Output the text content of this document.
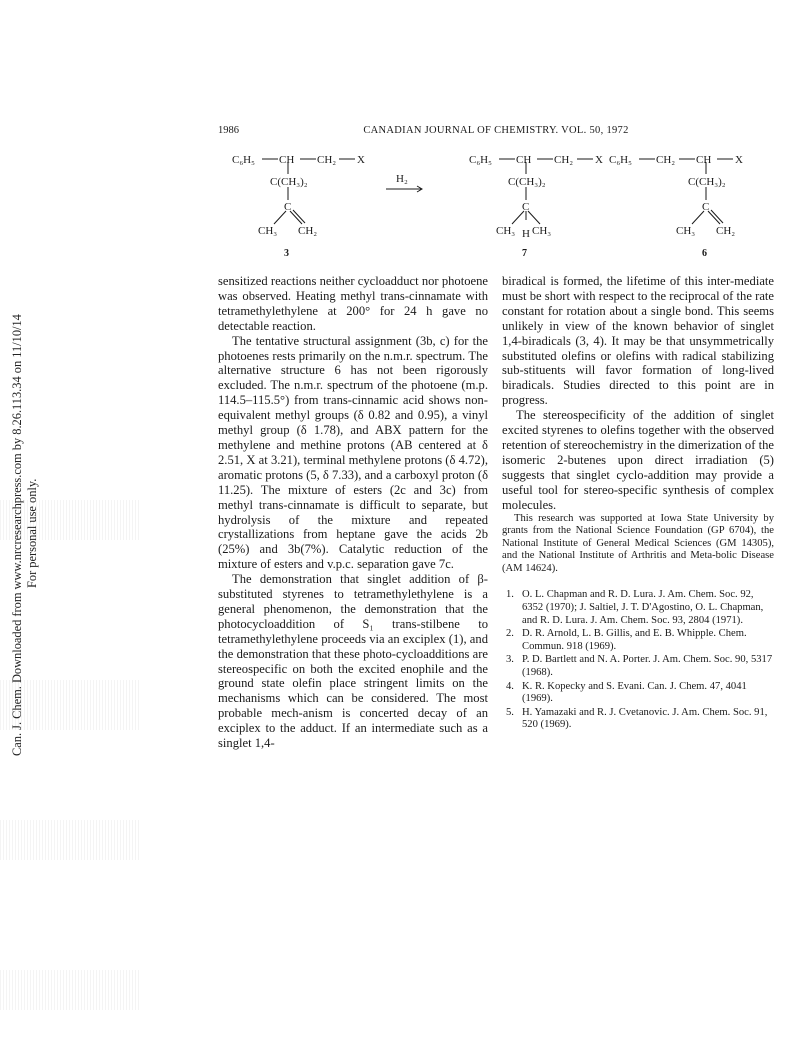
Can. J. Chem. Downloaded from www.nrcresearchpress.com by 8.26.113.34 on 11/10/14 For personal use only.
1986	CANADIAN JOURNAL OF CHEMISTRY. VOL. 50, 1972
C₆H₅ CH CH₂ X
C(CH₃)₂
C
CH₃ CH₂
3
H₂
C₆H₅ CH CH₂ X
C(CH₃)₂
C
CH₃ H CH₃
7
C₆H₅ CH₂ CH X
C(CH₃)₂
C
CH₃ CH₂
6

sensitized reactions neither cycloadduct nor photoene was observed. Heating methyl trans-cinnamate with tetramethylethylene at 200° for 24 h gave no detectable reaction.

The tentative structural assignment (3b, c) for the photoenes rests primarily on the n.m.r. spectrum. The alternative structure 6 has not been rigorously excluded. The n.m.r. spectrum of the photoene (m.p. 114.5–115.5°) from trans-cinnamic acid shows non-equivalent methyl groups (δ 0.82 and 0.95), a vinyl methyl group (δ 1.78), and ABX pattern for the methylene and methine protons (AB centered at δ 2.51, X at 3.21), terminal methylene protons (δ 4.72), aromatic protons (5, δ 7.33), and a carboxyl proton (δ 11.25). The mixture of esters (2c and 3c) from methyl trans-cinnamate is difficult to separate, but hydrolysis of the mixture and repeated crystallizations from heptane gave the acids 2b (25%) and 3b(7%). Catalytic reduction of the mixture of esters and v.p.c. separation gave 7c.

The demonstration that singlet addition of β-substituted styrenes to tetramethylethylene is a general phenomenon, the demonstration that the photocycloaddition of S₁ trans-stilbene to tetramethylethylene proceeds via an exciplex (1), and the demonstration that these photo-cycloadditions are stereospecific on both the excited enophile and the ground state olefin place stringent limits on the mechanisms which can be considered. The most probable mech-anism is concerted decay of an exciplex to the adduct. If an intermediate such as a singlet 1,4-

biradical is formed, the lifetime of this inter-mediate must be short with respect to the reciprocal of the rate constant for rotation about a single bond. This seems unlikely in view of the known behavior of singlet 1,4-biradicals (3, 4). It may be that unsymmetrically substituted olefins or olefins with radical stabilizing sub-stituents will favor formation of long-lived biradicals. Studies directed to this point are in progress.

The stereospecificity of the addition of singlet excited styrenes to olefins together with the observed retention of stereochemistry in the dimerization of the isomeric 2-butenes upon direct irradiation (5) suggests that singlet cyclo-addition may provide a useful tool for stereo-specific synthesis of complex molecules.

This research was supported at Iowa State University by grants from the National Science Foundation (GP 6704), the National Institute of General Medical Sciences (GM 14305), and the National Institute of Arthritis and Meta-bolic Disease (AM 14624).

1. O. L. Chapman and R. D. Lura. J. Am. Chem. Soc. 92, 6352 (1970); J. Saltiel, J. T. D'Agostino, O. L. Chapman, and R. D. Lura. J. Am. Chem. Soc. 93, 2804 (1971).
2. D. R. Arnold, L. B. Gillis, and E. B. Whipple. Chem. Commun. 918 (1969).
3. P. D. Bartlett and N. A. Porter. J. Am. Chem. Soc. 90, 5317 (1968).
4. K. R. Kopecky and S. Evani. Can. J. Chem. 47, 4041 (1969).
5. H. Yamazaki and R. J. Cvetanovic. J. Am. Chem. Soc. 91, 520 (1969).
